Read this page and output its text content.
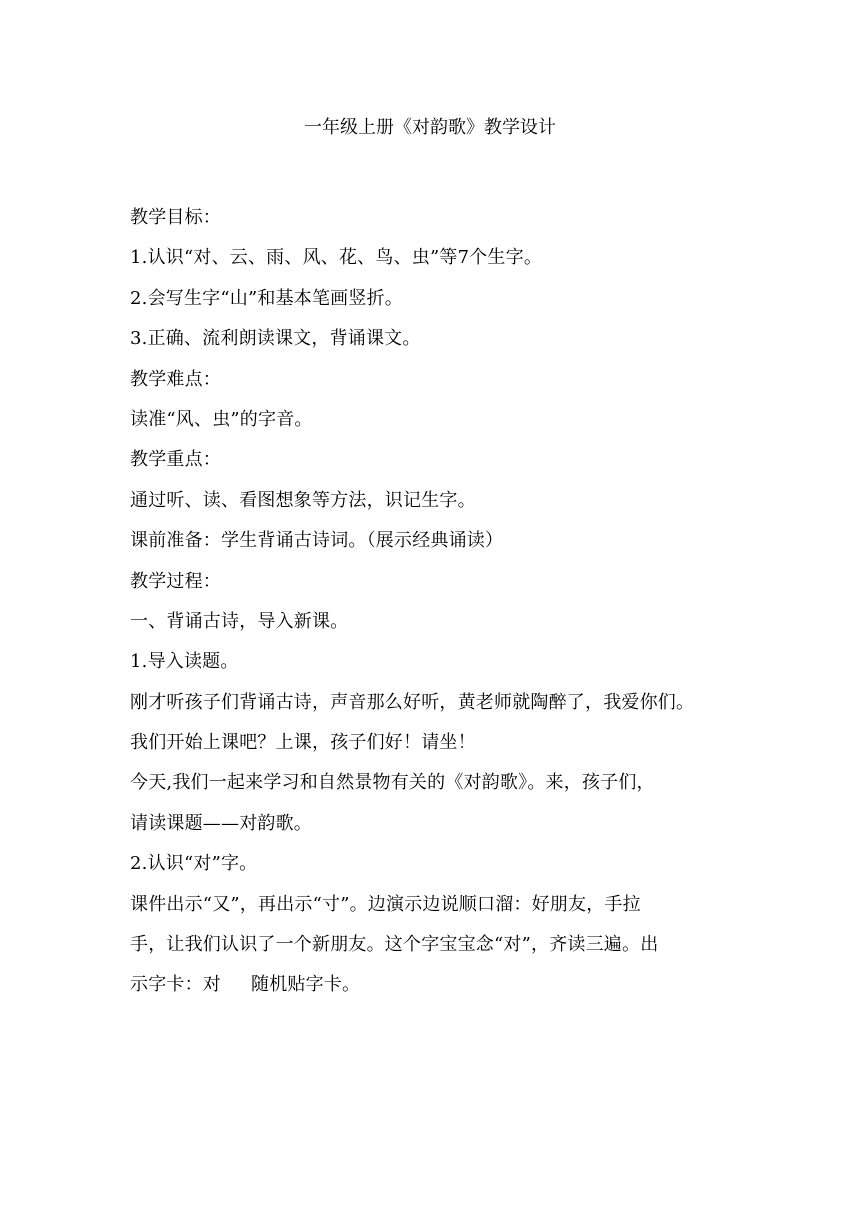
一年级上册《对韵歌》教学设计
教学目标：
1.认识“对、云、雨、风、花、鸟、虫”等7个生字。
2.会写生字“山”和基本笔画竖折。
3.正确、流利朗读课文，背诵课文。
教学难点：
读准“风、虫”的字音。
教学重点：
通过听、读、看图想象等方法，识记生字。
课前准备：学生背诵古诗词。（展示经典诵读）
教学过程：
一、背诵古诗，导入新课。
1.导入读题。
刚才听孩子们背诵古诗，声音那么好听，黄老师就陶醉了，我爱你们。
我们开始上课吧？上课，孩子们好！请坐！
今天,我们一起来学习和自然景物有关的《对韵歌》。来，孩子们，
请读课题——对韵歌。
2.认识“对”字。
课件出示“又”，再出示“寸”。边演示边说顺口溜：好朋友，手拉
手，让我们认识了一个新朋友。这个字宝宝念“对”，齐读三遍。出
示字卡：对 随机贴字卡。
